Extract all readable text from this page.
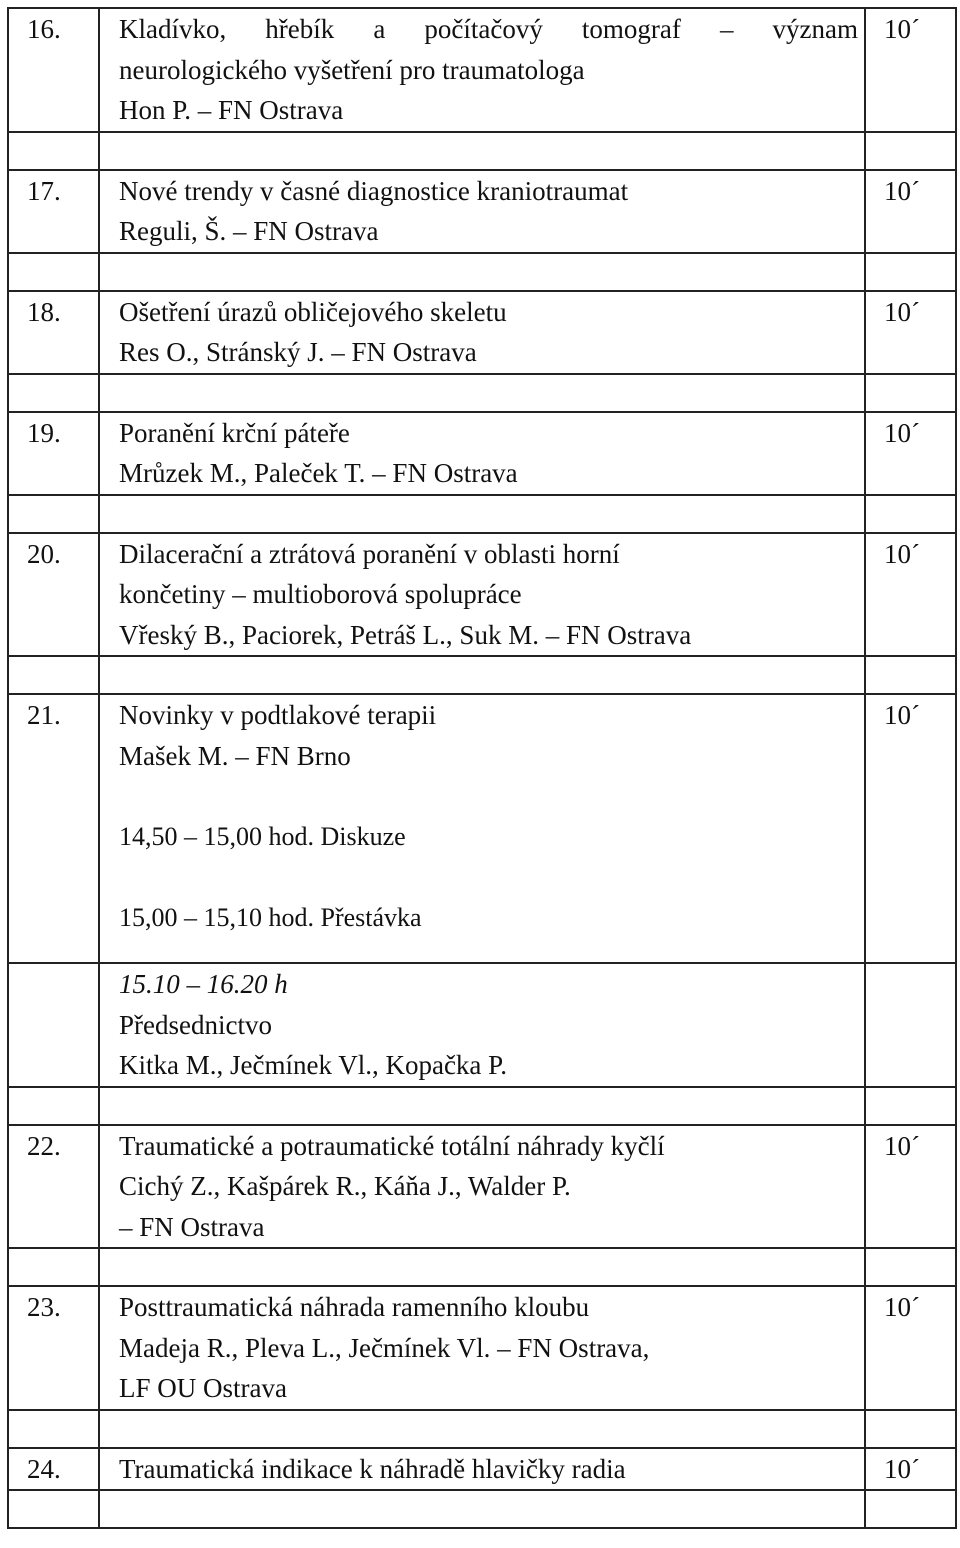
16.	Kladívko, hřebík a počítačový tomograf – význam
neurologického vyšetření pro traumatologa
Hon P. – FN Ostrava	10´

17.	Nové trendy v časné diagnostice kraniotraumat
Reguli, Š. – FN Ostrava	10´

18.	Ošetření úrazů obličejového skeletu
Res O., Stránský J. – FN Ostrava	10´

19.	Poranění krční páteře
Mrůzek M., Paleček T. – FN Ostrava	10´

20.	Dilacerační a ztrátová poranění v oblasti horní
končetiny – multioborová spolupráce
Vřeský B., Paciorek, Petráš L., Suk M. – FN Ostrava	10´

21.	Novinky v podtlakové terapii
Mašek M. – FN Brno
14,50 – 15,00 hod. Diskuze
15,00 – 15,10 hod. Přestávka	10´

	15.10 – 16.20 h
Předsednictvo
Kitka M., Ječmínek Vl., Kopačka P.	

22.	Traumatické a potraumatické totální náhrady kyčlí
Cichý Z., Kašpárek R., Káňa J., Walder P.
– FN Ostrava	10´

23.	Posttraumatická náhrada ramenního kloubu
Madeja R., Pleva L., Ječmínek Vl. – FN Ostrava,
LF OU Ostrava	10´

24.	Traumatická indikace k náhradě hlavičky radia	10´
